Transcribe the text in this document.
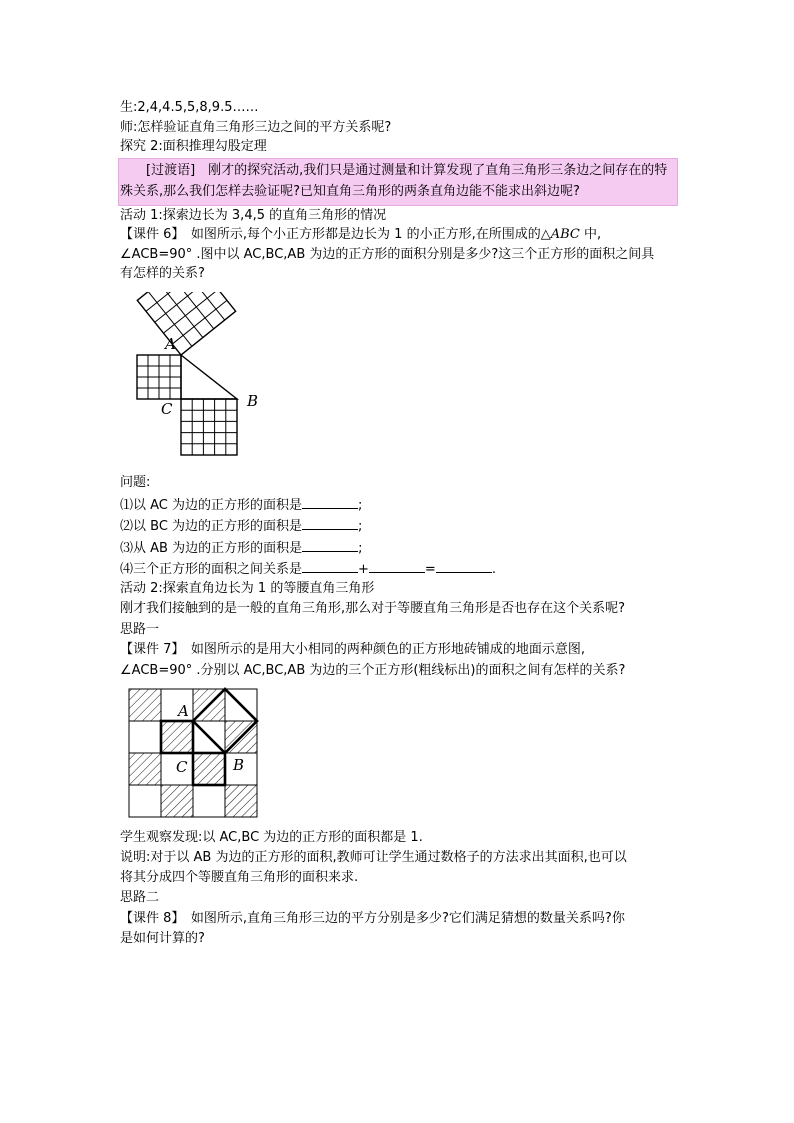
生:2,4,4.5,5,8,9.5……
师:怎样验证直角三角形三边之间的平方关系呢?
探究 2:面积推理勾股定理
[过渡语]　刚才的探究活动,我们只是通过测量和计算发现了直角三角形三条边之间存在的特殊关系,那么我们怎样去验证呢?已知直角三角形的两条直角边能不能求出斜边呢?
活动 1:探索边长为 3,4,5 的直角三角形的情况
【课件 6】　如图所示,每个小正方形都是边长为 1 的小正方形,在所围成的△ABC 中,
∠ACB=90° .图中以 AC,BC,AB 为边的正方形的面积分别是多少?这三个正方形的面积之间具
有怎样的关系?
A
C	B
问题:
⑴以 AC 为边的正方形的面积是	;
⑵以 BC 为边的正方形的面积是	;
⑶从 AB 为边的正方形的面积是	;
⑷三个正方形的面积之间关系是	+	=	.
活动 2:探索直角边长为 1 的等腰直角三角形
刚才我们接触到的是一般的直角三角形,那么对于等腰直角三角形是否也存在这个关系呢?
思路一
【课件 7】　如图所示的是用大小相同的两种颜色的正方形地砖铺成的地面示意图,
∠ACB=90° .分别以 AC,BC,AB 为边的三个正方形(粗线标出)的面积之间有怎样的关系?
A
C	B
学生观察发现:以 AC,BC 为边的正方形的面积都是 1.
说明:对于以 AB 为边的正方形的面积,教师可让学生通过数格子的方法求出其面积,也可以
将其分成四个等腰直角三角形的面积来求.
思路二
【课件 8】　如图所示,直角三角形三边的平方分别是多少?它们满足猜想的数量关系吗?你
是如何计算的?
